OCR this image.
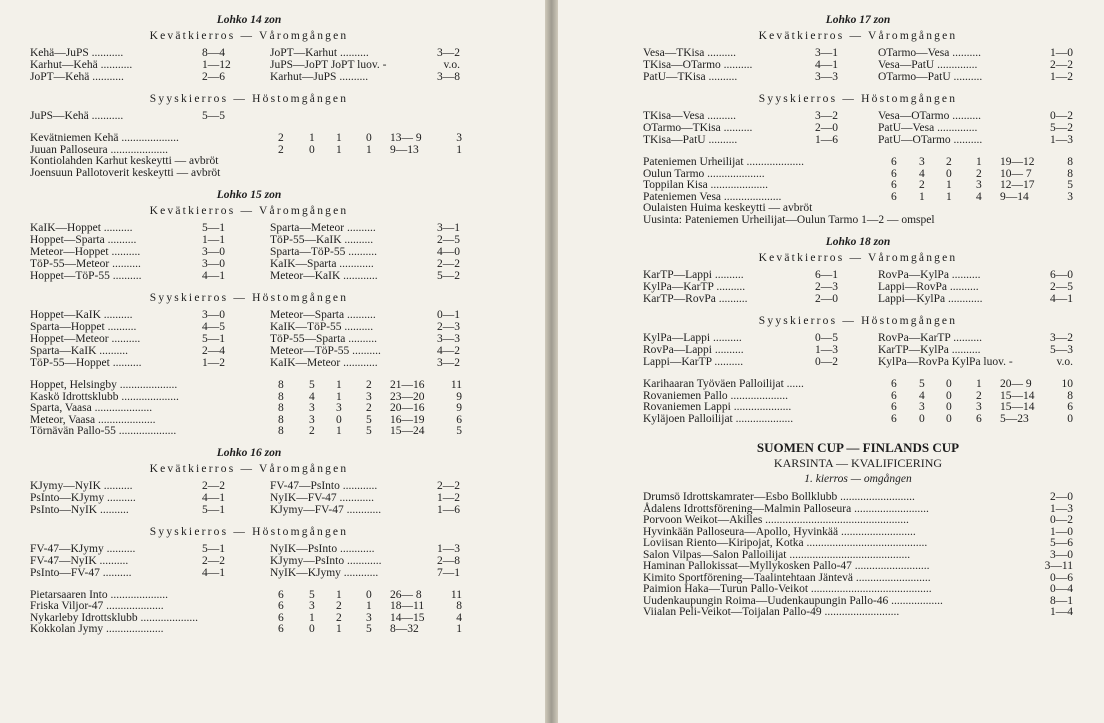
Lohko 14 zon
Kevätkierros — Våromgången
Kehä—JuPS ...........	8—4	JoPT—Karhut ..........	3—2
Karhut—Kehä ...........	1—12	JuPS—JoPT JoPT luov. -	v.o.
JoPT—Kehä ...........	2—6	Karhut—JuPS ..........	3—8
Syyskierros — Höstomgången
JuPS—Kehä ...........	5—5
Kevätniemen Kehä ....................	2 1 1 0 13— 9	3
Juuan Palloseura ....................	2 0 1 1 9—13	1
Kontiolahden Karhut keskeytti — avbröt
Joensuun Pallotoverit keskeytti — avbröt
Lohko 15 zon
Kevätkierros — Våromgången
KaIK—Hoppet ..........	5—1	Sparta—Meteor ..........	3—1
Hoppet—Sparta ..........	1—1	TöP-55—KaIK ..........	2—5
Meteor—Hoppet ..........	3—0	Sparta—TöP-55 ..........	4—0
TöP-55—Meteor ..........	3—0	KaIK—Sparta ............	2—2
Hoppet—TöP-55 ..........	4—1	Meteor—KaIK ............	5—2
Syyskierros — Höstomgången
Hoppet—KaIK ..........	3—0	Meteor—Sparta ..........	0—1
Sparta—Hoppet ..........	4—5	KaIK—TöP-55 ..........	2—3
Hoppet—Meteor ..........	5—1	TöP-55—Sparta ..........	3—3
Sparta—KaIK ..........	2—4	Meteor—TöP-55 ..........	4—2
TöP-55—Hoppet ..........	1—2	KaIK—Meteor ............	3—2
Hoppet, Helsingby ....................	8 5 1 2 21—16 11
Kaskö Idrottsklubb ....................	8 4 1 3 23—20	9
Sparta, Vaasa ....................	8 3 3 2 20—16	9
Meteor, Vaasa ....................	8 3 0 5 16—19	6
Törnävän Pallo-55 ....................	8 2 1 5 15—24	5
Lohko 16 zon
Kevätkierros — Våromgången
KJymy—NyIK ..........	2—2	FV-47—PsInto ............	2—2
PsInto—KJymy ..........	4—1	NyIK—FV-47 ............	1—2
PsInto—NyIK ..........	5—1	KJymy—FV-47 ............	1—6
Syyskierros — Höstomgången
FV-47—KJymy ..........	5—1	NyIK—PsInto ............	1—3
FV-47—NyIK ..........	2—2	KJymy—PsInto ............	2—8
PsInto—FV-47 ..........	4—1	NyIK—KJymy ............	7—1
Pietarsaaren Into ....................	6 5 1 0 26— 8	11
Friska Viljor-47 ....................	6 3 2 1 18—11	8
Nykarleby Idrottsklubb ....................	6 1 2 3 14—15	4
Kokkolan Jymy ....................	6 0 1 5 8—32	1
Lohko 17 zon
Kevätkierros — Våromgången
Vesa—TKisa ..........	3—1	OTarmo—Vesa ..........	1—0
TKisa—OTarmo ..........	4—1	Vesa—PatU ..............	2—2
PatU—TKisa ..........	3—3	OTarmo—PatU ..........	1—2
Syyskierros — Höstomgången
TKisa—Vesa ..........	3—2	Vesa—OTarmo ..........	0—2
OTarmo—TKisa ..........	2—0	PatU—Vesa ..............	5—2
TKisa—PatU ..........	1—6	PatU—OTarmo ..........	1—3
Pateniemen Urheilijat ....................	6 3 2 1 19—12	8
Oulun Tarmo ....................	6 4 0 2 10— 7	8
Toppilan Kisa ....................	6 2 1 3 12—17	5
Pateniemen Vesa ....................	6 1 1 4 9—14	3
Oulaisten Huima keskeytti — avbröt
Uusinta: Pateniemen Urheilijat—Oulun Tarmo 1—2 — omspel
Lohko 18 zon
Kevätkierros — Våromgången
KarTP—Lappi ..........	6—1	RovPa—KylPa ..........	6—0
KylPa—KarTP ..........	2—3	Lappi—RovPa ..........	2—5
KarTP—RovPa ..........	2—0	Lappi—KylPa ............	4—1
Syyskierros — Höstomgången
KylPa—Lappi ..........	0—5	RovPa—KarTP ..........	3—2
RovPa—Lappi ..........	1—3	KarTP—KylPa ..........	5—3
Lappi—KarTP ..........	0—2	KylPa—RovPa KylPa luov. -	v.o.
Karihaaran Työväen Palloilijat ......	6 5 0 1 20— 9	10
Rovaniemen Pallo ....................	6 4 0 2 15—14	8
Rovaniemen Lappi ....................	6 3 0 3 15—14	6
Kyläjoen Palloilijat ....................	6 0 0 6 5—23	0
SUOMEN CUP — FINLANDS CUP
KARSINTA — KVALIFICERING
1. kierros — omgången
Drumsö Idrottskamrater—Esbo Bollklubb ..........................	2—0
Ådalens Idrottsförening—Malmin Palloseura ..........................	1—3
Porvoon Weikot—Akilles ..................................................	0—2
Hyvinkään Palloseura—Apollo, Hyvinkää ..........................	1—0
Loviisan Riento—Kiripojat, Kotka ..........................................	5—6
Salon Vilpas—Salon Palloilijat ..........................................	3—0
Haminan Pallokissat—Myllykosken Pallo-47 ..........................	3—11
Kimito Sportförening—Taalintehtaan Jäntevä ..........................	0—6
Paimion Haka—Turun Pallo-Veikot ..........................................	0—4
Uudenkaupungin Roima—Uudenkaupungin Pallo-46 ..................	8—1
Viialan Peli-Veikot—Toijalan Pallo-49 ..........................	1—4
